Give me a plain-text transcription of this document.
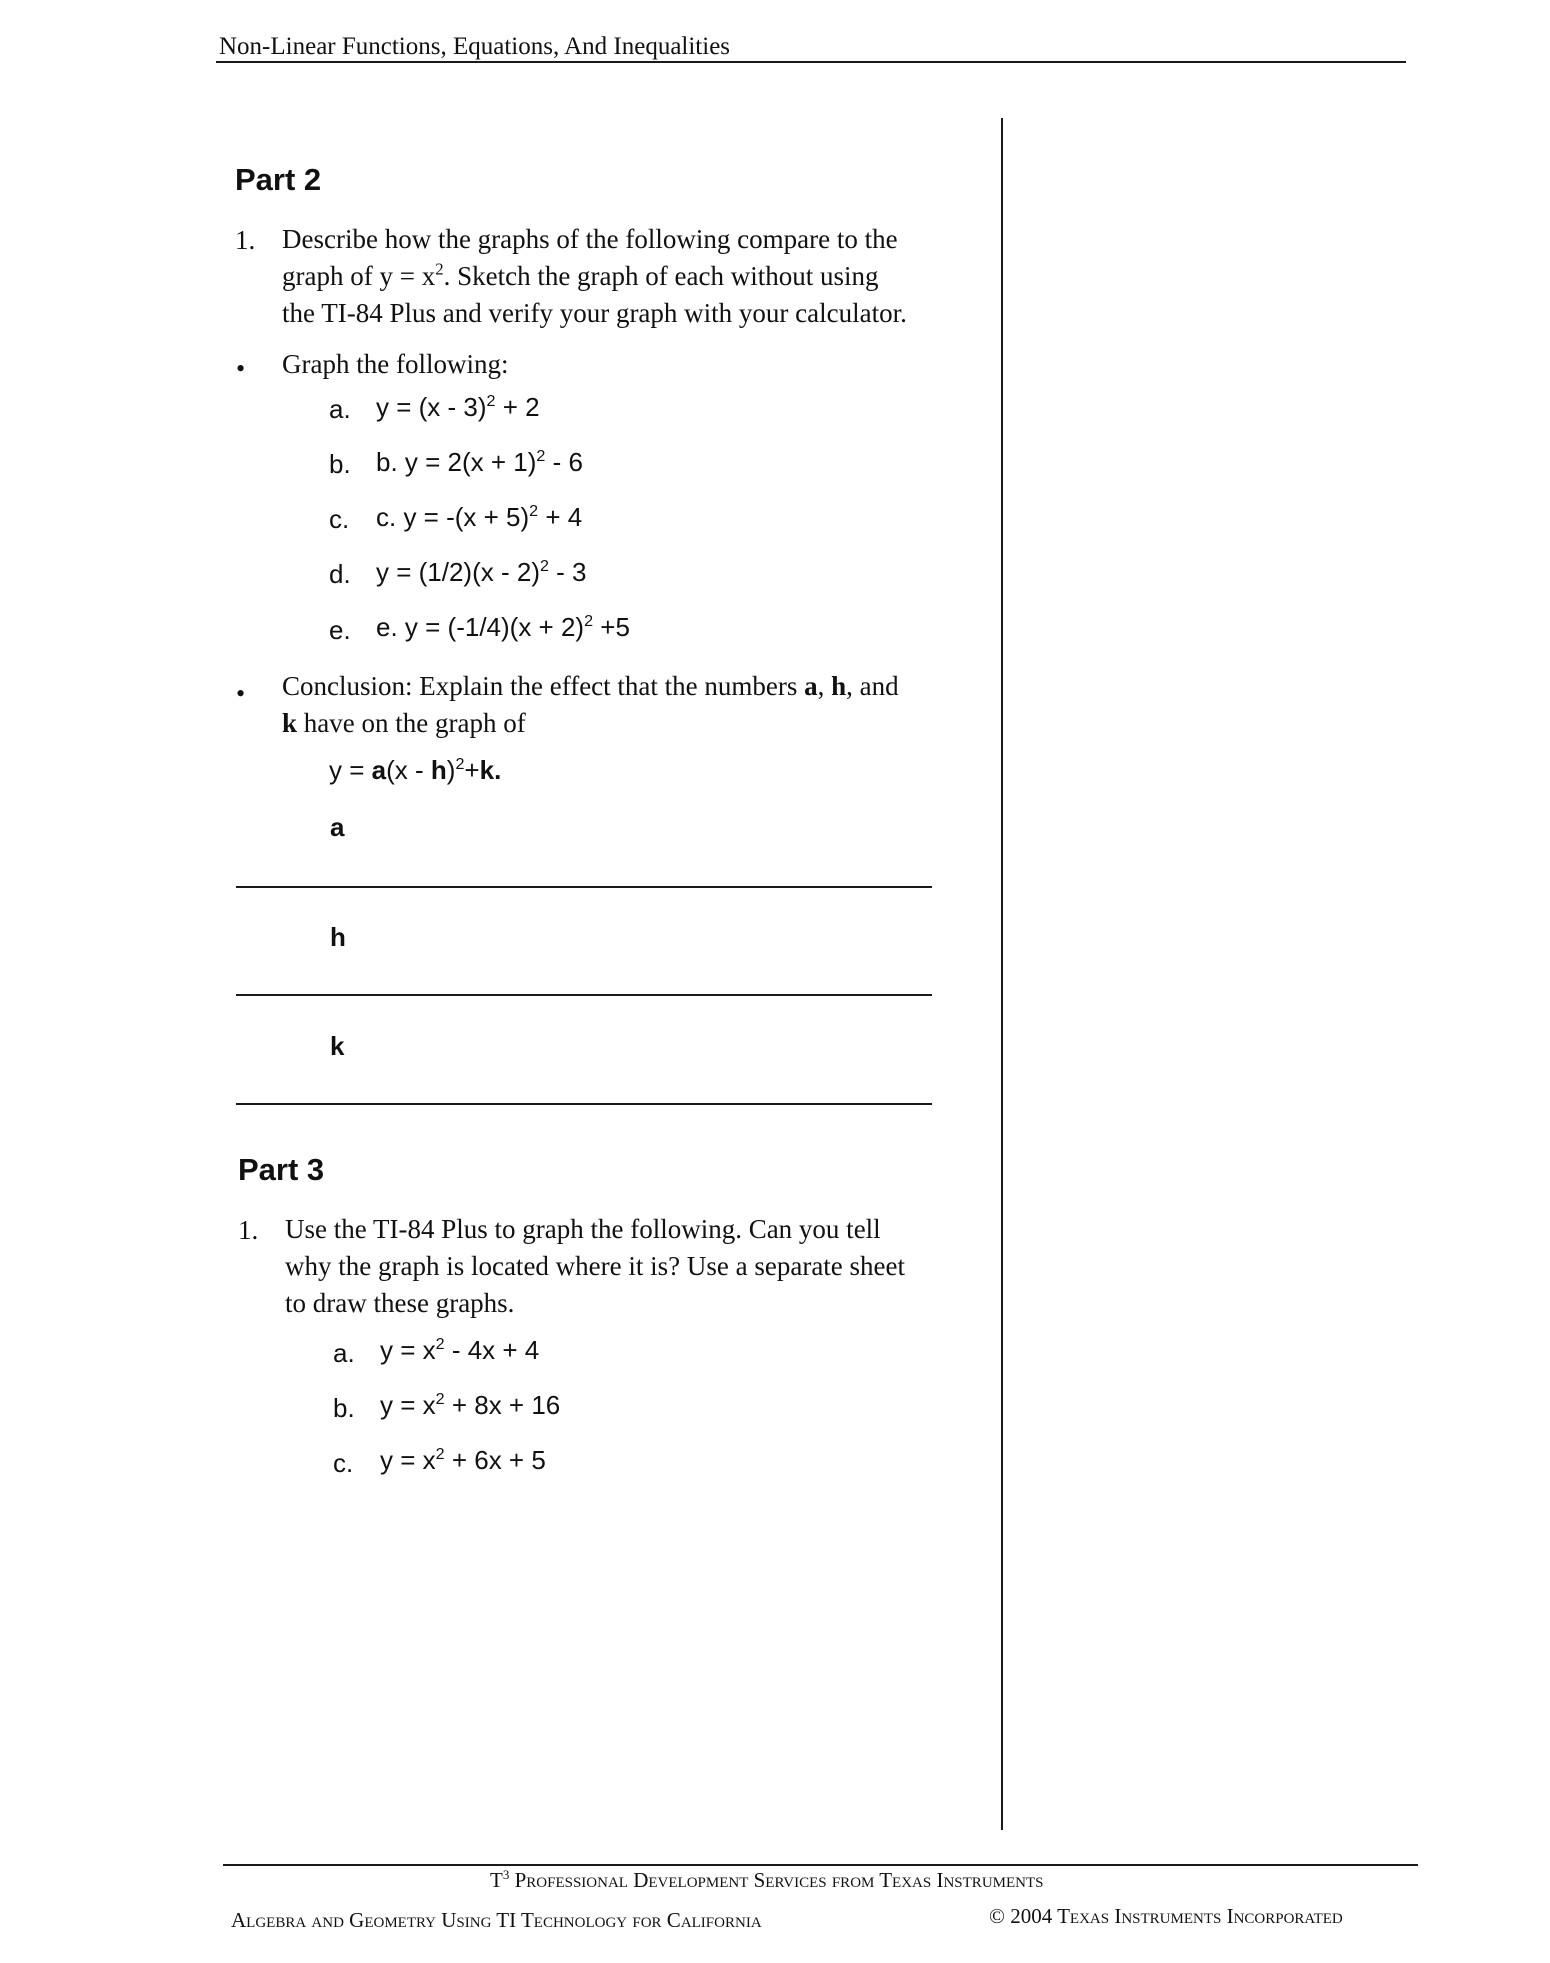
Non-Linear Functions, Equations, And Inequalities
Part 2
1. Describe how the graphs of the following compare to the
graph of $y = x^2$. Sketch the graph of each without using
the TI-84 Plus and verify your graph with your calculator.
• Graph the following:
a. y = (x - 3)$^2$ + 2
b. b. $y = 2(x + 1)^2 - 6$
c. c. $y = -(x + 5)^2 + 4$
d. y = (1/2)(x - 2)$^2$ - 3
e. e. $y = (-1/4)(x + 2)^2 +5$
• Conclusion: Explain the effect that the numbers a, h, and
k have on the graph of
y = a(x - h)$^2$+k.
a
h
k
Part 3
1. Use the TI-84 Plus to graph the following. Can you tell
why the graph is located where it is? Use a separate sheet
to draw these graphs.
a. $y = x^2 - 4x + 4$
b. $y = x^2 + 8x + 16$
c. $y = x^2 + 6x + 5$
$T^3$ Professional Development Services from Texas Instruments
Algebra and Geometry Using TI Technology for California	© 2004 Texas Instruments Incorporated
